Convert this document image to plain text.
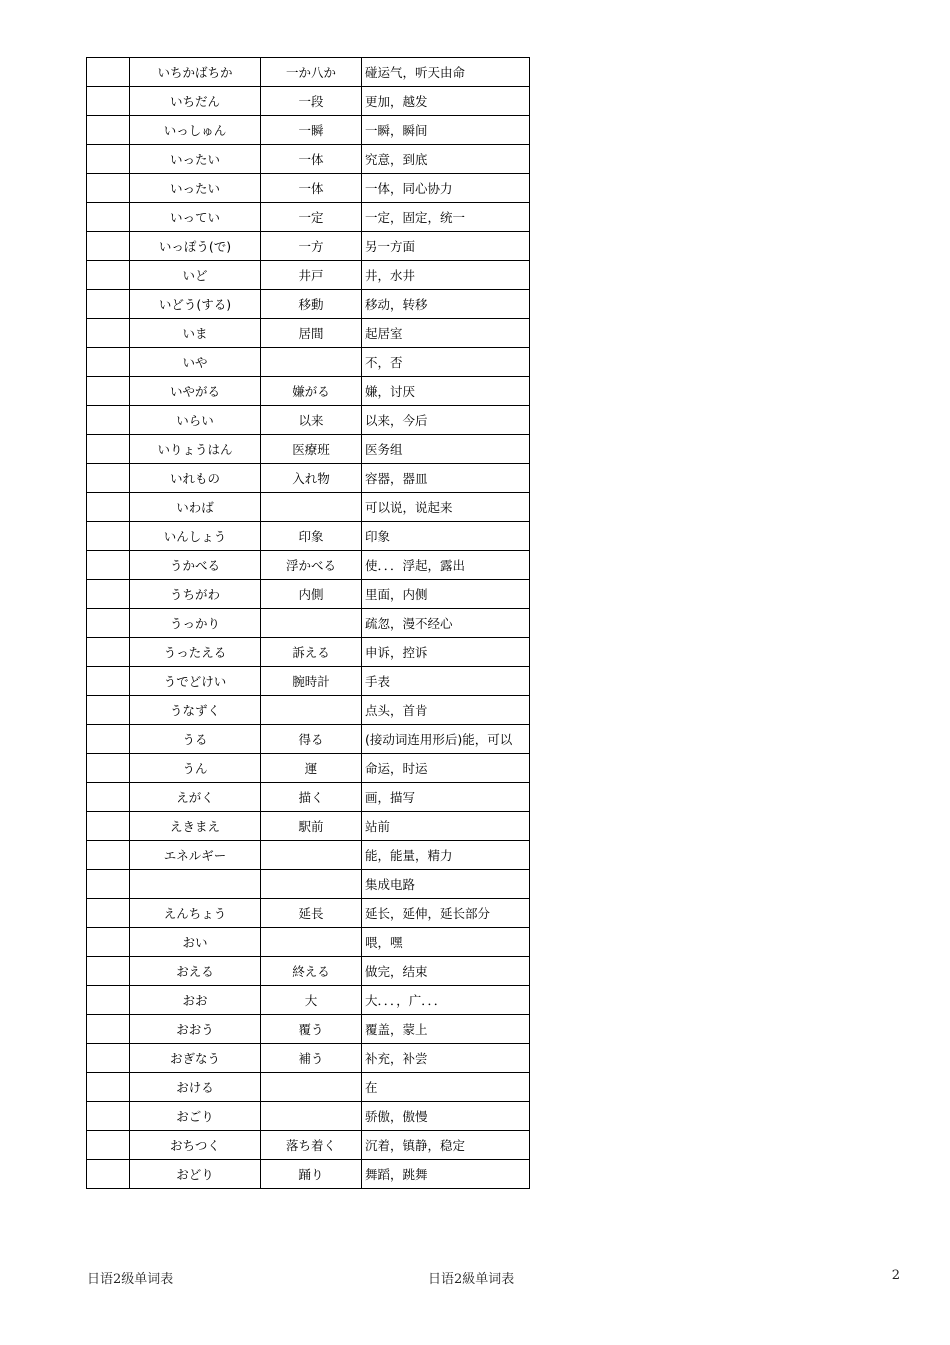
	いちかばちか	一か八か	碰运气，听天由命
	いちだん	一段	更加，越发
	いっしゅん	一瞬	一瞬，瞬间
	いったい	一体	究意，到底
	いったい	一体	一体，同心协力
	いってい	一定	一定，固定，统一
	いっぽう(で)	一方	另一方面
	いど	井戸	井，水井
	いどう(する)	移動	移动，转移
	いま	居間	起居室
	いや		不，否
	いやがる	嫌がる	嫌，讨厌
	いらい	以来	以来，今后
	いりょうはん	医療班	医务组
	いれもの	入れ物	容器，器皿
	いわば		可以说，说起来
	いんしょう	印象	印象
	うかべる	浮かべる	使．．．浮起，露出
	うちがわ	内側	里面，内侧
	うっかり		疏忽，漫不经心
	うったえる	訴える	申诉，控诉
	うでどけい	腕時計	手表
	うなずく		点头，首肯
	うる	得る	(接动词连用形后)能，可以
	うん	運	命运，时运
	えがく	描く	画，描写
	えきまえ	駅前	站前
	エネルギー		能，能量，精力
			集成电路
	えんちょう	延長	延长，延伸，延长部分
	おい		喂，嘿
	おえる	終える	做完，结束
	おお	大	大．．．，广．．．
	おおう	覆う	覆盖，蒙上
	おぎなう	補う	补充，补尝
	おける		在
	おごり		骄傲，傲慢
	おちつく	落ち着く	沉着，镇静，稳定
	おどり	踊り	舞蹈，跳舞
日语2级单词表	日语2級单词表	2
